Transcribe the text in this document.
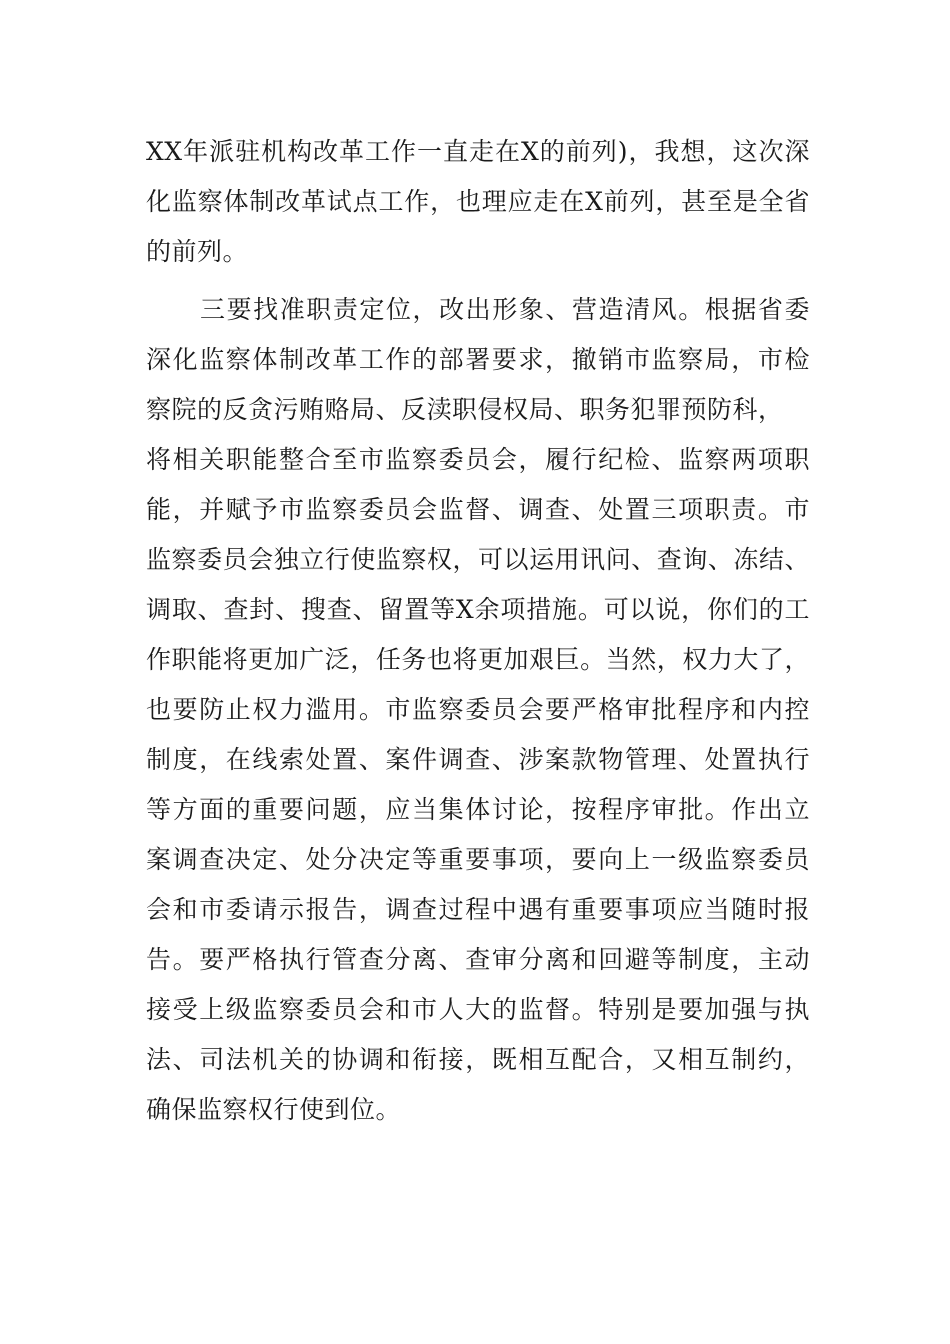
XX年派驻机构改革工作一直走在X的前列)，我想，这次深
化监察体制改革试点工作，也理应走在X前列，甚至是全省
的前列。
三要找准职责定位，改出形象、营造清风。根据省委
深化监察体制改革工作的部署要求，撤销市监察局，市检
察院的反贪污贿赂局、反渎职侵权局、职务犯罪预防科，
将相关职能整合至市监察委员会，履行纪检、监察两项职
能，并赋予市监察委员会监督、调查、处置三项职责。市
监察委员会独立行使监察权，可以运用讯问、查询、冻结、
调取、查封、搜查、留置等X余项措施。可以说，你们的工
作职能将更加广泛，任务也将更加艰巨。当然，权力大了，
也要防止权力滥用。市监察委员会要严格审批程序和内控
制度，在线索处置、案件调查、涉案款物管理、处置执行
等方面的重要问题，应当集体讨论，按程序审批。作出立
案调查决定、处分决定等重要事项，要向上一级监察委员
会和市委请示报告，调查过程中遇有重要事项应当随时报
告。要严格执行管查分离、查审分离和回避等制度，主动
接受上级监察委员会和市人大的监督。特别是要加强与执
法、司法机关的协调和衔接，既相互配合，又相互制约，
确保监察权行使到位。
